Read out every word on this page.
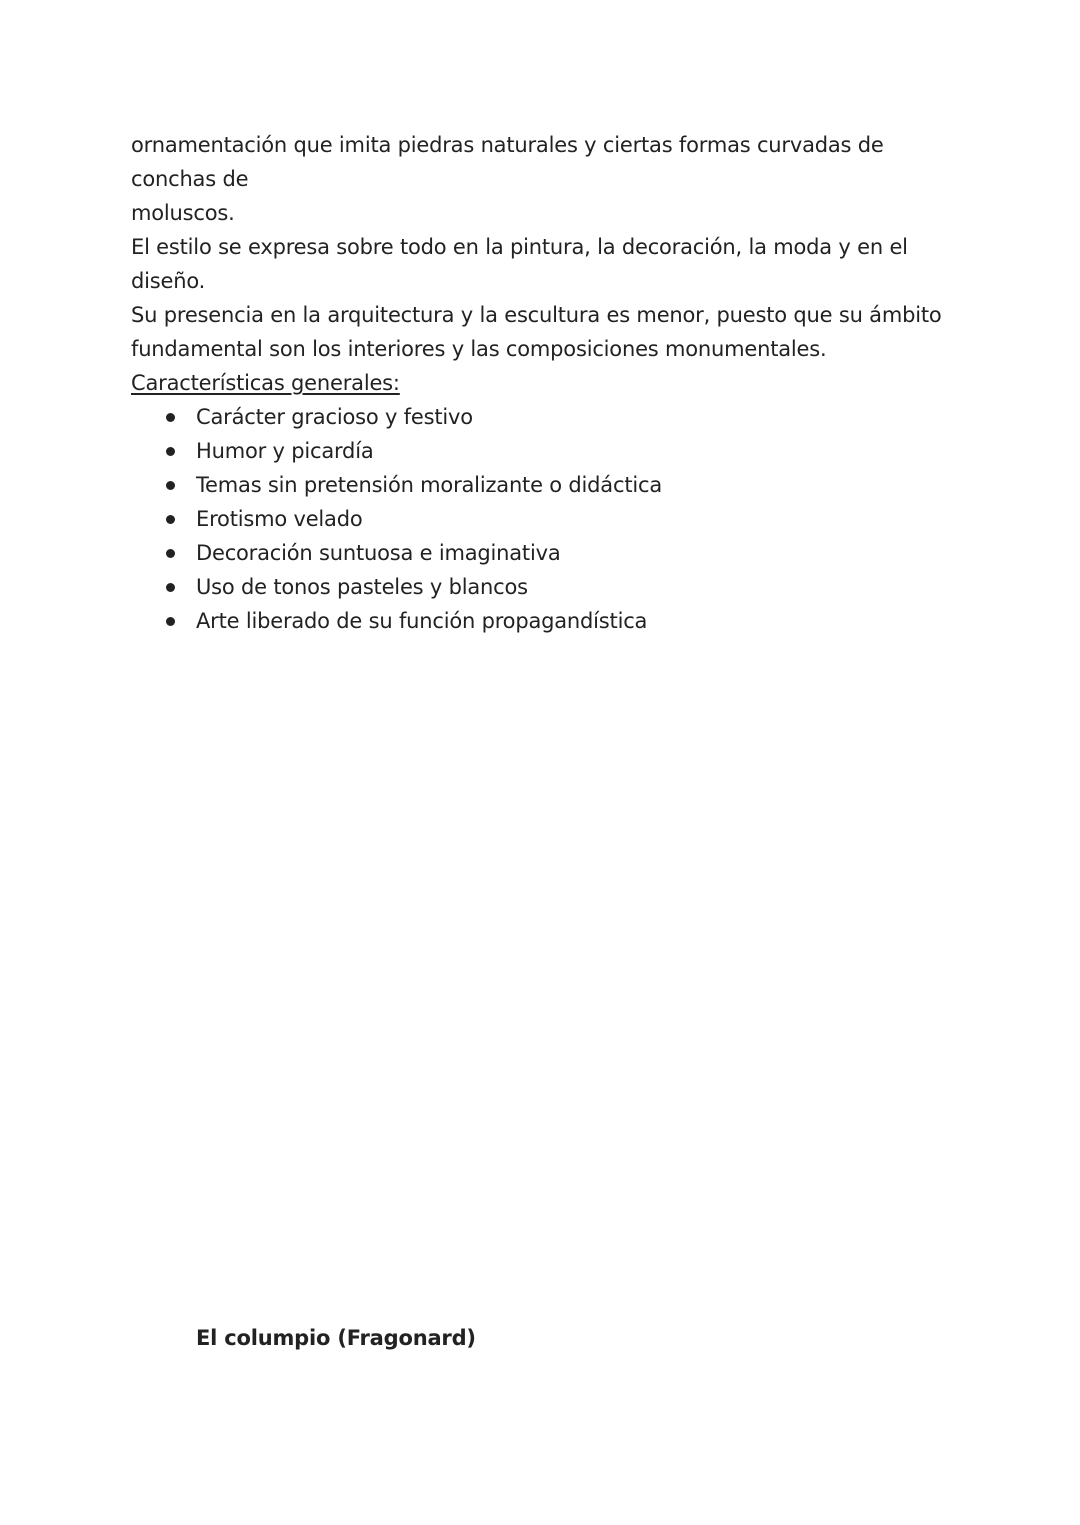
ornamentación que imita piedras naturales y ciertas formas curvadas de conchas de
moluscos.
El estilo se expresa sobre todo en la pintura, la decoración, la moda y en el diseño.
Su presencia en la arquitectura y la escultura es menor, puesto que su ámbito
fundamental son los interiores y las composiciones monumentales.
Características generales:
Carácter gracioso y festivo
Humor y picardía
Temas sin pretensión moralizante o didáctica
Erotismo velado
Decoración suntuosa e imaginativa
Uso de tonos pasteles y blancos
Arte liberado de su función propagandística
El columpio (Fragonard)
